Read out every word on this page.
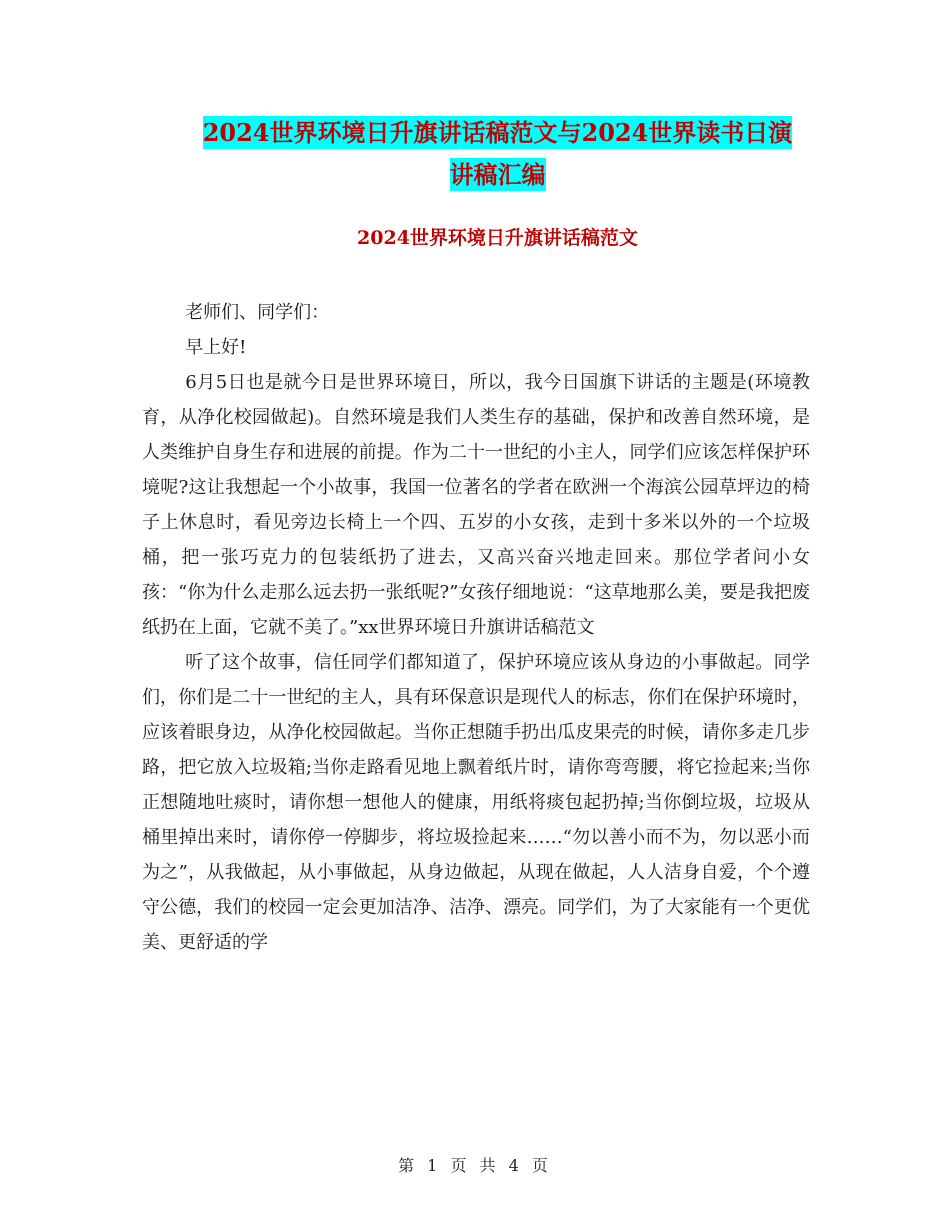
2024世界环境日升旗讲话稿范文与2024世界读书日演
讲稿汇编
2024世界环境日升旗讲话稿范文

老师们、同学们：

早上好!

6月5日也是就今日是世界环境日，所以，我今日国旗下讲话的主题是(环境教育，从净化校园做起)。自然环境是我们人类生存的基础，保护和改善自然环境，是人类维护自身生存和进展的前提。作为二十一世纪的小主人，同学们应该怎样保护环境呢?这让我想起一个小故事，我国一位著名的学者在欧洲一个海滨公园草坪边的椅子上休息时，看见旁边长椅上一个四、五岁的小女孩，走到十多米以外的一个垃圾桶，把一张巧克力的包装纸扔了进去，又高兴奋兴地走回来。那位学者问小女孩：“你为什么走那么远去扔一张纸呢?”女孩仔细地说：“这草地那么美，要是我把废纸扔在上面，它就不美了。”xx世界环境日升旗讲话稿范文

听了这个故事，信任同学们都知道了，保护环境应该从身边的小事做起。同学们，你们是二十一世纪的主人，具有环保意识是现代人的标志，你们在保护环境时，应该着眼身边，从净化校园做起。当你正想随手扔出瓜皮果壳的时候，请你多走几步路，把它放入垃圾箱;当你走路看见地上飘着纸片时，请你弯弯腰，将它捡起来;当你正想随地吐痰时，请你想一想他人的健康，用纸将痰包起扔掉;当你倒垃圾，垃圾从桶里掉出来时，请你停一停脚步，将垃圾捡起来……“勿以善小而不为，勿以恶小而为之”，从我做起，从小事做起，从身边做起，从现在做起，人人洁身自爱，个个遵守公德，我们的校园一定会更加洁净、洁净、漂亮。同学们，为了大家能有一个更优美、更舒适的学

第 1 页 共 4 页
